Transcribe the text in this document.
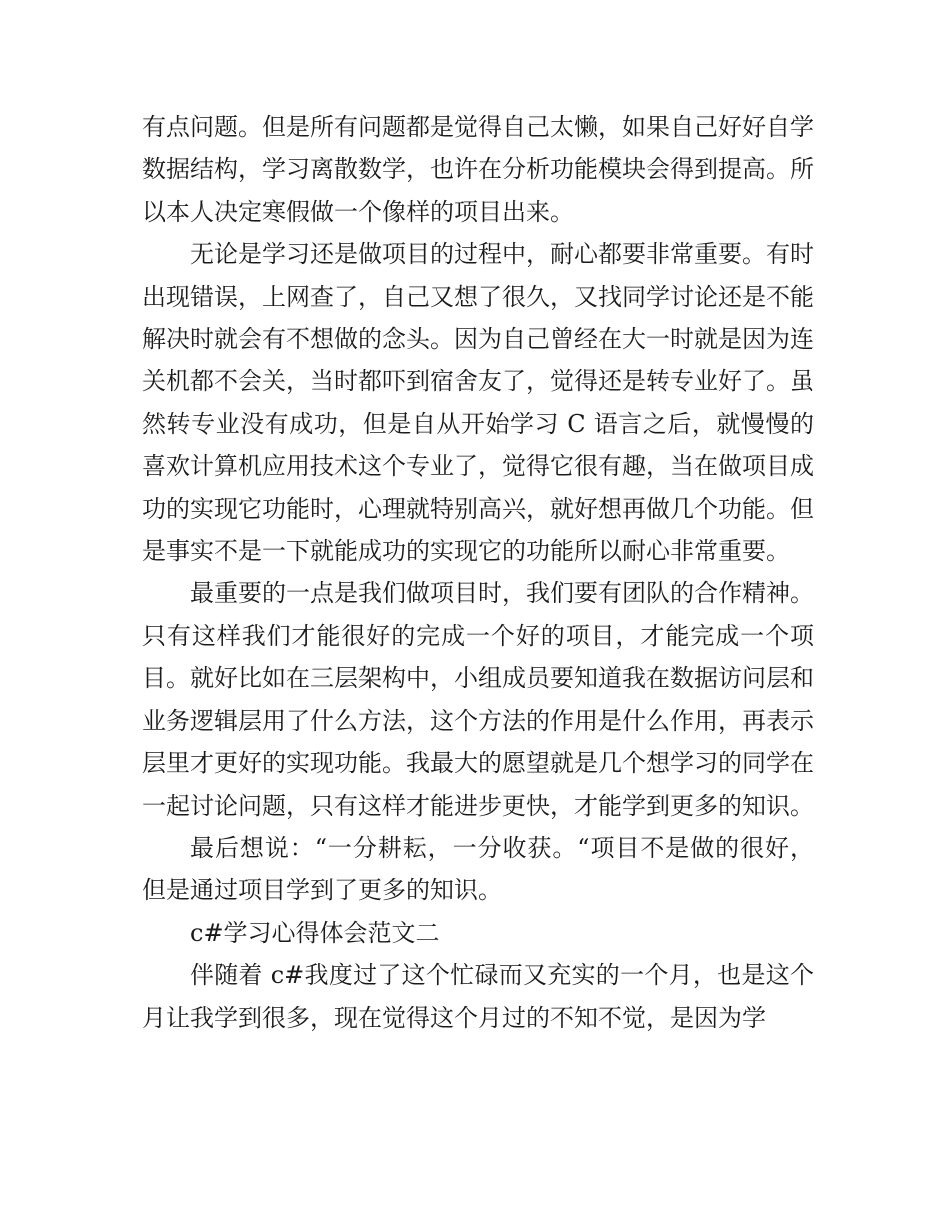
有点问题。但是所有问题都是觉得自己太懒，如果自己好好自学数据结构，学习离散数学，也许在分析功能模块会得到提高。所以本人决定寒假做一个像样的项目出来。

无论是学习还是做项目的过程中，耐心都要非常重要。有时出现错误，上网查了，自己又想了很久，又找同学讨论还是不能解决时就会有不想做的念头。因为自己曾经在大一时就是因为连关机都不会关，当时都吓到宿舍友了，觉得还是转专业好了。虽然转专业没有成功，但是自从开始学习 C 语言之后，就慢慢的喜欢计算机应用技术这个专业了，觉得它很有趣，当在做项目成功的实现它功能时，心理就特别高兴，就好想再做几个功能。但是事实不是一下就能成功的实现它的功能所以耐心非常重要。

最重要的一点是我们做项目时，我们要有团队的合作精神。只有这样我们才能很好的完成一个好的项目，才能完成一个项目。就好比如在三层架构中，小组成员要知道我在数据访问层和业务逻辑层用了什么方法，这个方法的作用是什么作用，再表示层里才更好的实现功能。我最大的愿望就是几个想学习的同学在一起讨论问题，只有这样才能进步更快，才能学到更多的知识。

最后想说：“一分耕耘，一分收获。“项目不是做的很好，但是通过项目学到了更多的知识。

c#学习心得体会范文二

伴随着 c#我度过了这个忙碌而又充实的一个月，也是这个月让我学到很多，现在觉得这个月过的不知不觉，是因为学
